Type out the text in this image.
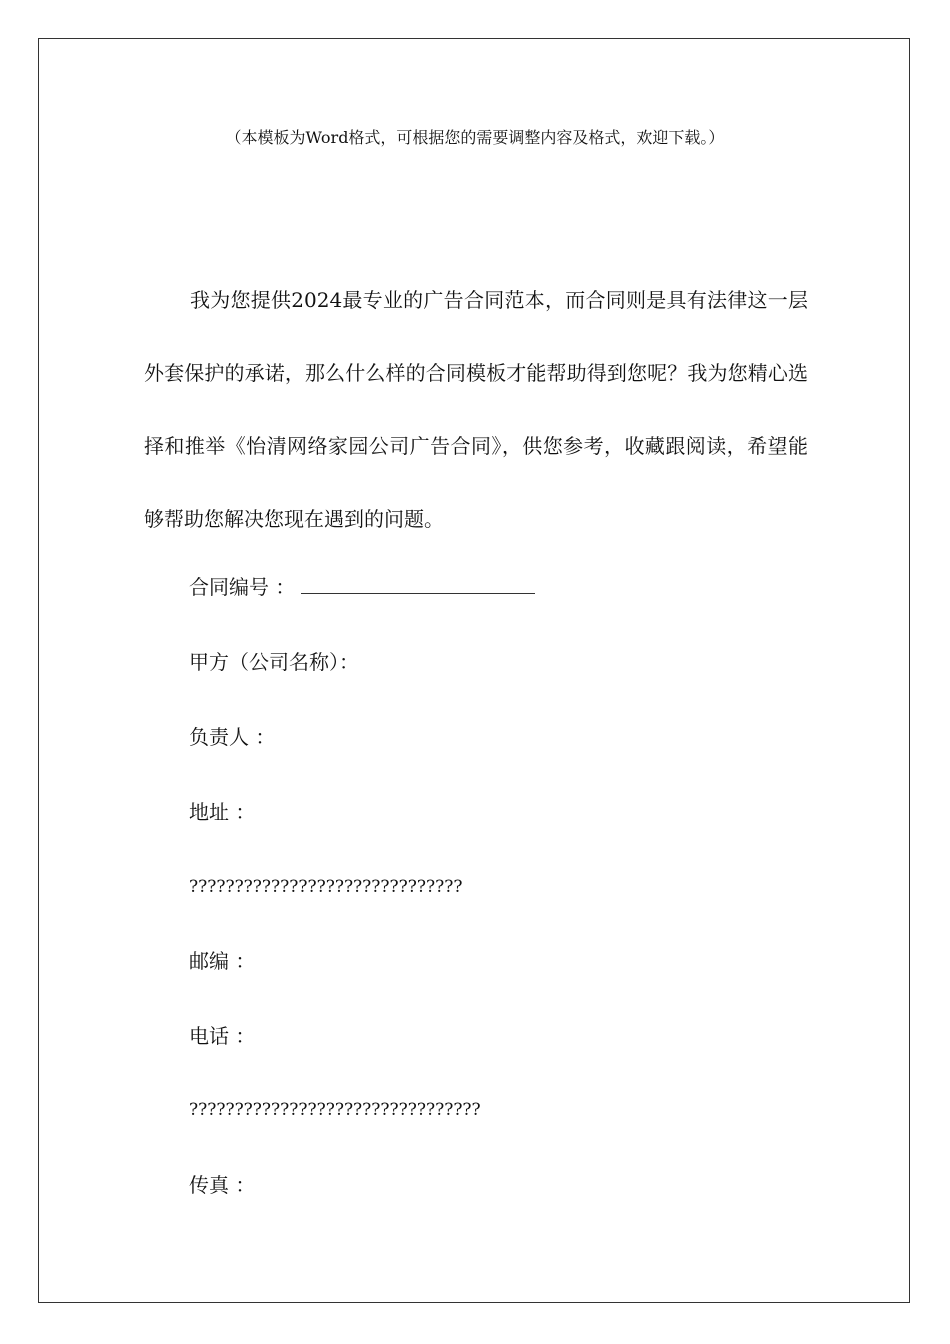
（本模板为Word格式，可根据您的需要调整内容及格式，欢迎下载。）

我为您提供2024最专业的广告合同范本，而合同则是具有法律这一层外套保护的承诺，那么什么样的合同模板才能帮助得到您呢？我为您精心选择和推举《怡清网络家园公司广告合同》，供您参考，收藏跟阅读，希望能够帮助您解决您现在遇到的问题。

合同编号 ：

甲方（公司名称）：

负责人 ：

地址 ：

??????????????????????????????

邮编 ：

电话 ：

????????????????????????????????

传真 ：
